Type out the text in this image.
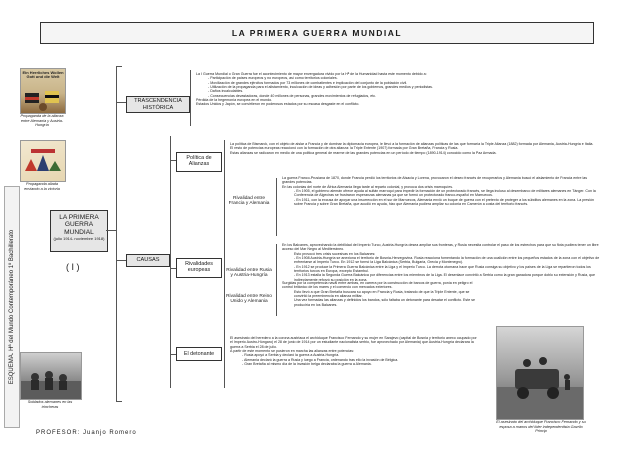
LA PRIMERA GUERRA MUNDIAL
ESQUEMA. Hª del Mundo Contemporáneo 1º Bachillerato
Ein Herrliches Wollen Gott und die Welt
Propaganda de la alianza entre Alemania y Austria-Hungría
Propaganda aliada enviando a la victoria
Soldados alemanes en las trincheras
LA PRIMERA GUERRA MUNDIAL
(julio 1914- noviembre 1918)
( I )
TRASCENDENCIA HISTÓRICA

La I Guerra Mundial o Gran Guerra fue el acontecimiento de mayor envergadura vivido por la Hª de la Humanidad hasta este momento debido a:

- Participación de países europeos y no europeos, así como territorios coloniales.

- Movilización de grandes ejércitos formados por 73 millones de combatientes e implicación del conjunto de la población civil.

- Utilización de la propaganda para el alistamiento, inculcación de ideas y adhesión por parte de los gobiernos, grandes medios y periodistas.

- Daños incalculables.

- Consecuencias devastadoras, donde 40 millones de personas, grandes movimientos de refugiados, etc.

Pérdida de la hegemonía europea en el mundo.

Estados Unidos y Japón, se convirtieron en poderosos estados por su escasa desgaste en el conflicto.

CAUSAS
Política de Alianzas

La política de Bismarck, con el objeto de aislar a Francia y de dominar la diplomacia europea, le llevó a la formación de alianzas políticas de las que formaría la Triple Alianza (1882) formada por Alemania, Austria-Hungría e Italia.

El resto de potencias europeas reaccionó con la formación de otra alianza: la Triple Entente (1907) formada por Gran Bretaña, Francia y Rusia.

Estas alianzas se radicaron en medio de una política general de rearme de las grandes potencias en un período de tiempo (1890-1914) conocido como la Paz Armada.

Rivalidades europeas
Rivalidad entre Francia y Alemania

La guerra Franco-Prusiana de 1870, donde Francia perdió los territorios de Alsacia y Lorena, provocaron el deseo francés de recuperarlos y Alemania buscó el aislamiento de Francia entre las grandes potencias.

En las colonias del norte de África Alemania llega tarde al reparto colonial, y provoca dos crisis marroquíes.

- En 1905, el gobierno alemán ofrece ayuda al sultán marroquí para impedir la formación de un protectorado francés, se llega incluso al desembarco de militares alemanes en Tánger. Con la Conferencia de Algeciras se frustraron esperanzas alemanas ya que se formó un protectorado franco-español en Marruecos.

- En 1911, con la excusa de apoyar una insurrección en el sur de Marruecos, Alemania envió un buque de guerra con el pretexto de proteger a los súbditos alemanes en la zona. La presión sobre Francia y sobre Gran Bretaña, que acudió en ayuda, hizo que Alemania pudiera ampliar su colonia en Camerún a costa del territorio francés.

Rivalidad entre Rusia y Austria-Hungría

En los Balcanes, aprovechando la debilidad del Imperio Turco, Austria-Hungría desea ampliar sus fronteras, y Rusia necesita controlar el paso de los estrechos para que su flota pudiera tener un libre acceso del Mar Negro al Mediterráneo.

Esto provocó tres crisis sucesivas en los Balcanes:

- En 1908 Austria-Hungría se anexiona el territorio de Bosnia-Herzegovina. Rusia reacciona fomentando la formación de una coalición entre los pequeños estados de la zona con el objetivo de enfrentarse al Imperio Turco. En 1912 se formó la Liga Balcánica (Serbia, Bulgaria, Grecia y Montenegro).

- En 1912 se produce la Primera Guerra Balcánica entre la Liga y el Imperio Turco. La derrota otomana hace que Rusia consiga su objetivo y los países de la Liga se repartieron todos los territorios turcos en Europa, excepto Estambul.

- En 1913 estalla la Segunda Guerra Balcánica por diferencias entre los miembros de la Liga. El desenlace convirtió a Serbia como la gran ganadora porque doblo su extensión y Rusia, que indirectamente reforzó su posición en la zona.

Rivalidad entre Reino Unido y Alemania

Surgidas por la competencia naval entre ambas, en carrera por la construcción de barcos de guerra, ponía en peligro el control británico de los mares y el comercio con mercados exteriores.

Esto llevó a que Gran Bretaña buscara su apoyo en Francia y Rusia, tratando de que la Triple Entente, que se convirtió la preeminencia en alianza militar.

Una vez formadas las alianzas y definidos los bandos, sólo faltaba un detonante para desatar el conflicto. Este se produciría en los Balcanes.

El detonante

El asesinato del heredero a la corona austriaca el archiduque Francisco Fernando y su mujer en Sarajevo (capital de Bosnia y territorio anexo ocupado por el Imperio Austro-Húngaro) el 28 de junio de 1914 por un estudiante nacionalista serbio, fue aprovechado por Alemania) que Austria-Hungría declarara la guerra a Serbia el 28 de julio.

A partir de este momento se pusieron en marcha las alianzas entre potencias:

- Rusia apoyó a Serbia y declaró la guerra a Austria-Hungría.

- Alemania declaró la guerra a Rusia y luego a Francia, ordenando tras ello la invasión de Bélgica.

- Gran Bretaña al mismo día de la invasión belga declaraba la guerra a Alemania.

El asesinato del archiduque Francisco Fernando y su esposa a manos del líder independentista Gavrilo Princip
PROFESOR: Juanjo Romero
